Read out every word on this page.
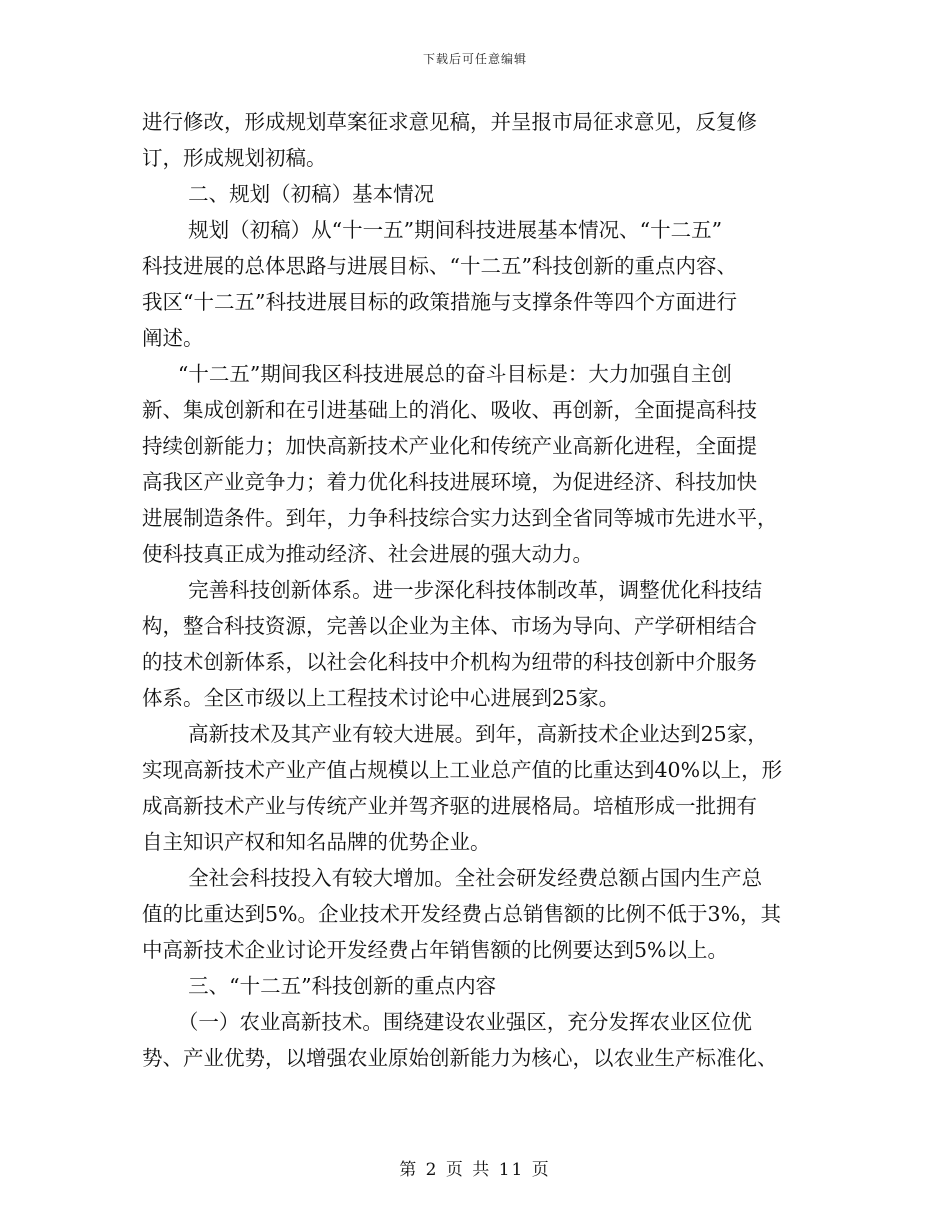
下载后可任意编辑

进行修改，形成规划草案征求意见稿，并呈报市局征求意见，反复修
订，形成规划初稿。

二、规划（初稿）基本情况

规划（初稿）从“十一五”期间科技进展基本情况、“十二五”
科技进展的总体思路与进展目标、“十二五”科技创新的重点内容、
我区“十二五”科技进展目标的政策措施与支撑条件等四个方面进行
阐述。

“十二五”期间我区科技进展总的奋斗目标是：大力加强自主创
新、集成创新和在引进基础上的消化、吸收、再创新，全面提高科技
持续创新能力；加快高新技术产业化和传统产业高新化进程，全面提
高我区产业竞争力；着力优化科技进展环境，为促进经济、科技加快
进展制造条件。到年，力争科技综合实力达到全省同等城市先进水平，
使科技真正成为推动经济、社会进展的强大动力。

完善科技创新体系。进一步深化科技体制改革，调整优化科技结
构，整合科技资源，完善以企业为主体、市场为导向、产学研相结合
的技术创新体系，以社会化科技中介机构为纽带的科技创新中介服务
体系。全区市级以上工程技术讨论中心进展到25家。

高新技术及其产业有较大进展。到年，高新技术企业达到25家，
实现高新技术产业产值占规模以上工业总产值的比重达到40%以上，形
成高新技术产业与传统产业并驾齐驱的进展格局。培植形成一批拥有
自主知识产权和知名品牌的优势企业。

全社会科技投入有较大增加。全社会研发经费总额占国内生产总
值的比重达到5%。企业技术开发经费占总销售额的比例不低于3%，其
中高新技术企业讨论开发经费占年销售额的比例要达到5%以上。

三、“十二五”科技创新的重点内容

（一）农业高新技术。围绕建设农业强区，充分发挥农业区位优
势、产业优势，以增强农业原始创新能力为核心，以农业生产标准化、

第 2 页 共 11 页
